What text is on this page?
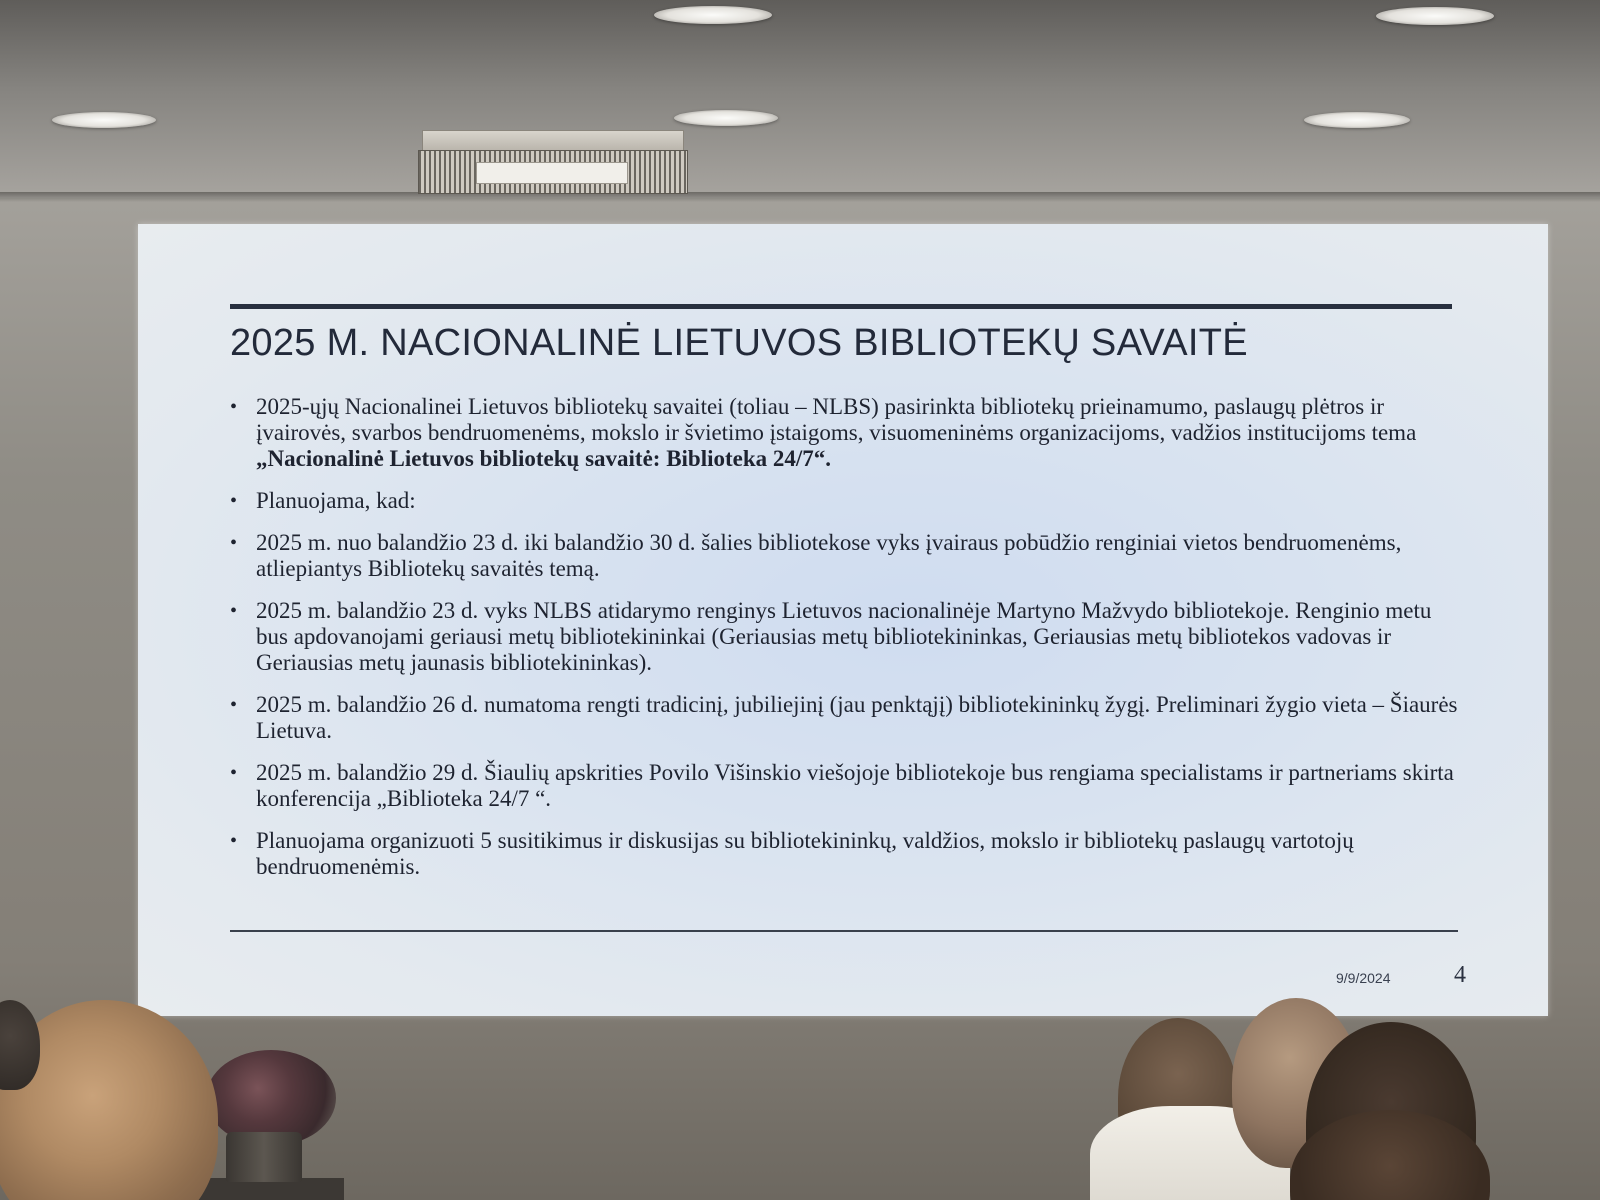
2025 M. NACIONALINĖ LIETUVOS BIBLIOTEKŲ SAVAITĖ
• 2025-ųjų Nacionalinei Lietuvos bibliotekų savaitei (toliau – NLBS) pasirinkta bibliotekų prieinamumo, paslaugų plėtros ir įvairovės, svarbos bendruomenėms, mokslo ir švietimo įstaigoms, visuomeninėms organizacijoms, vadžios institucijoms tema „Nacionalinė Lietuvos bibliotekų savaitė: Biblioteka 24/7“.
• Planuojama, kad:
• 2025 m. nuo balandžio 23 d. iki balandžio 30 d. šalies bibliotekose vyks įvairaus pobūdžio renginiai vietos bendruomenėms, atliepiantys Bibliotekų savaitės temą.
• 2025 m. balandžio 23 d. vyks NLBS atidarymo renginys Lietuvos nacionalinėje Martyno Mažvydo bibliotekoje. Renginio metu bus apdovanojami geriausi metų bibliotekininkai (Geriausias metų bibliotekininkas, Geriausias metų bibliotekos vadovas ir Geriausias metų jaunasis bibliotekininkas).
• 2025 m. balandžio 26 d. numatoma rengti tradicinį, jubiliejinį (jau penktąjį) bibliotekininkų žygį. Preliminari žygio vieta – Šiaurės Lietuva.
• 2025 m. balandžio 29 d. Šiaulių apskrities Povilo Višinskio viešojoje bibliotekoje bus rengiama specialistams ir partneriams skirta konferencija „Biblioteka 24/7 “.
• Planuojama organizuoti 5 susitikimus ir diskusijas su bibliotekininkų, valdžios, mokslo ir bibliotekų paslaugų vartotojų bendruomenėmis.
9/9/2024	4
